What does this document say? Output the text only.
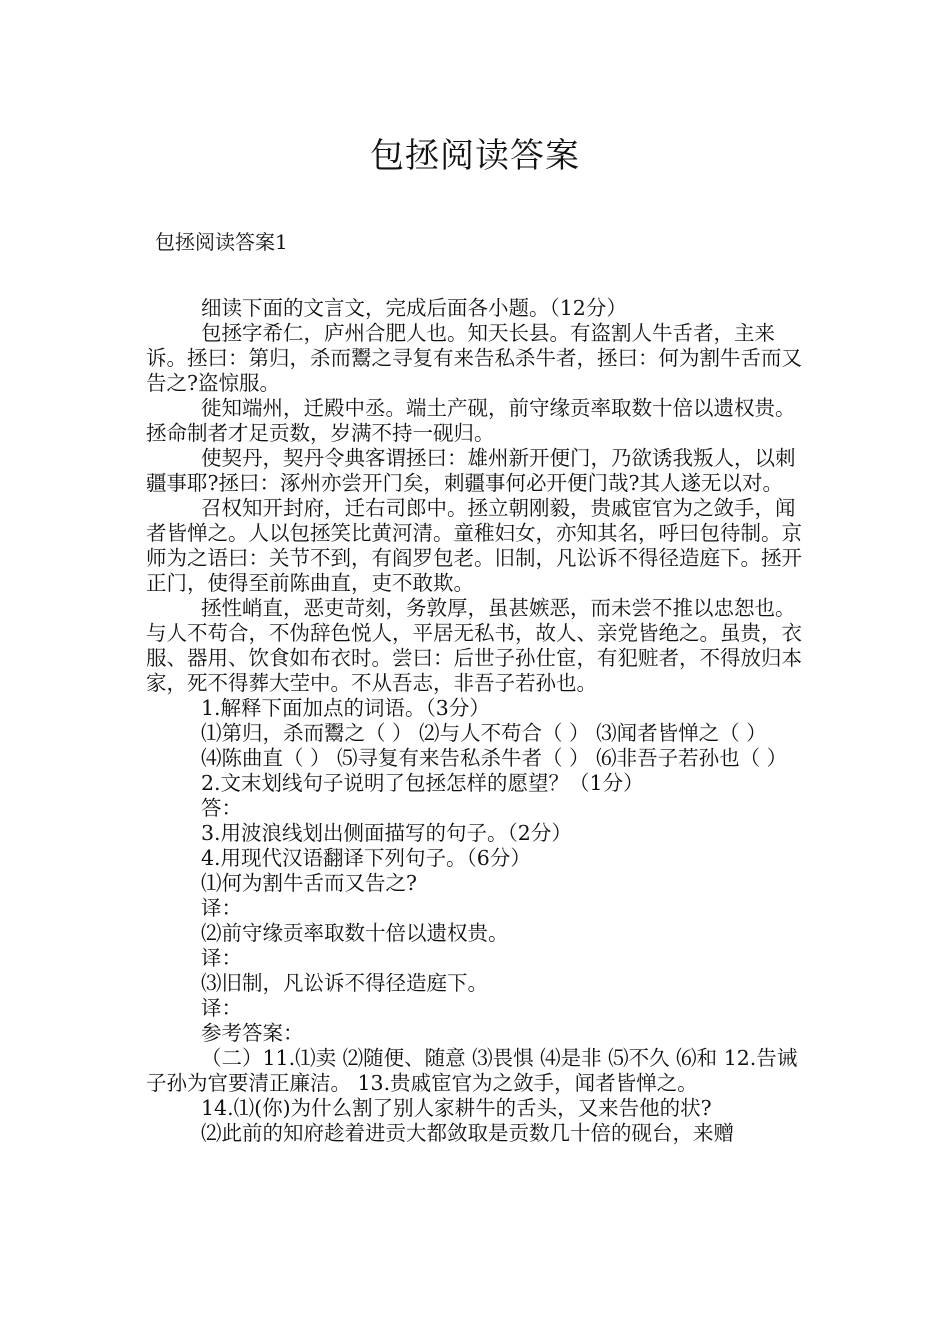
包拯阅读答案
包拯阅读答案1

细读下面的文言文，完成后面各小题。（12分）

包拯字希仁，庐州合肥人也。知天长县。有盗割人牛舌者，主来诉。拯曰：第归，杀而鬻之寻复有来告私杀牛者，拯曰：何为割牛舌而又告之?盗惊服。

徙知端州，迁殿中丞。端土产砚，前守缘贡率取数十倍以遗权贵。拯命制者才足贡数，岁满不持一砚归。

使契丹，契丹令典客谓拯曰：雄州新开便门，乃欲诱我叛人，以刺疆事耶?拯曰：涿州亦尝开门矣，刺疆事何必开便门哉?其人遂无以对。

召权知开封府，迁右司郎中。拯立朝刚毅，贵戚宦官为之敛手，闻者皆惮之。人以包拯笑比黄河清。童稚妇女，亦知其名，呼曰包待制。京师为之语曰：关节不到，有阎罗包老。旧制，凡讼诉不得径造庭下。拯开正门，使得至前陈曲直，吏不敢欺。

拯性峭直，恶吏苛刻，务敦厚，虽甚嫉恶，而未尝不推以忠恕也。与人不苟合，不伪辞色悦人，平居无私书，故人、亲党皆绝之。虽贵，衣服、器用、饮食如布衣时。尝曰：后世子孙仕宦，有犯赃者，不得放归本家，死不得葬大茔中。不从吾志，非吾子若孙也。

1.解释下面加点的词语。（3分）

⑴第归，杀而鬻之（ ） ⑵与人不苟合（ ） ⑶闻者皆惮之（ ）

⑷陈曲直（ ） ⑸寻复有来告私杀牛者（ ） ⑹非吾子若孙也（ ）

2.文末划线句子说明了包拯怎样的愿望？（1分）

答：

3.用波浪线划出侧面描写的句子。（2分）

4.用现代汉语翻译下列句子。（6分）

⑴何为割牛舌而又告之?

译：

⑵前守缘贡率取数十倍以遗权贵。

译：

⑶旧制，凡讼诉不得径造庭下。

译：

参考答案：

（二）11.⑴卖 ⑵随便、随意 ⑶畏惧 ⑷是非 ⑸不久 ⑹和 12.告诫子孙为官要清正廉洁。 13.贵戚宦官为之敛手，闻者皆惮之。

14.⑴(你)为什么割了别人家耕牛的舌头，又来告他的状?

⑵此前的知府趁着进贡大都敛取是贡数几十倍的砚台，来赠
